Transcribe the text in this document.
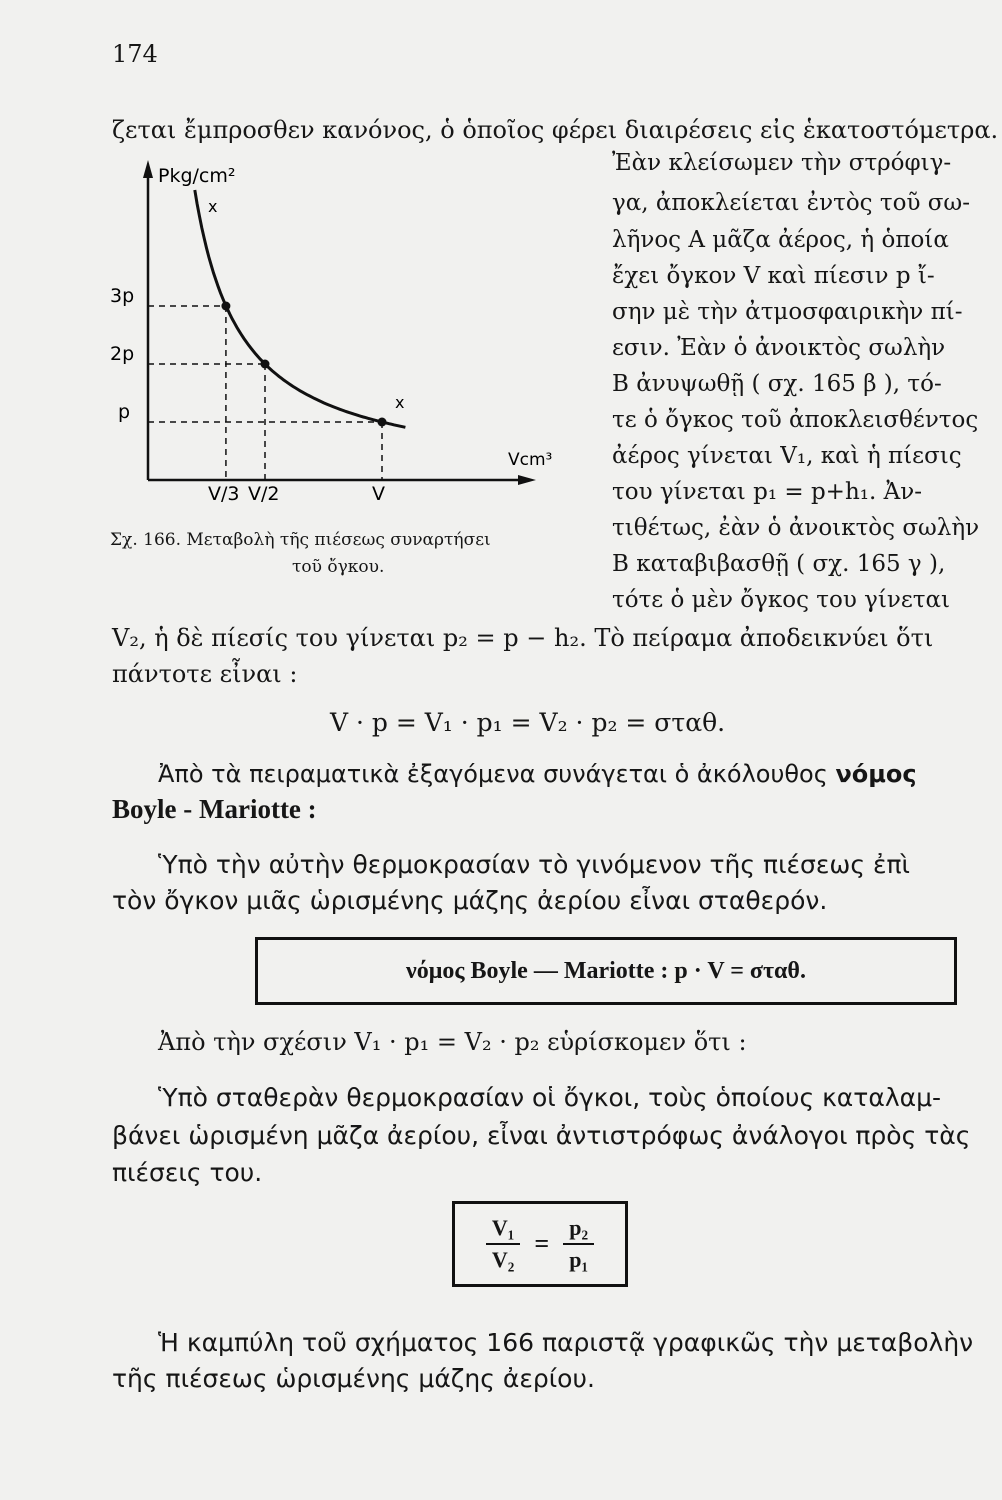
174
ζεται ἔμπροσθεν κανόνος, ὁ ὁποῖος φέρει διαιρέσεις εἰς ἑκατοστόμετρα.
Pkg/cm²
Vcm³
x
x
3p
2p
p
V/3 V/2	V
Σχ. 166. Μεταβολὴ τῆς πιέσεως συναρτήσει
τοῦ ὄγκου.
Ἐὰν κλείσωμεν τὴν στρόφιγ-
γα, ἀποκλείεται ἐντὸς τοῦ σω-
λῆνος Α μᾶζα ἀέρος, ἡ ὁποία
ἔχει ὄγκον V καὶ πίεσιν p ἴ-
σην μὲ τὴν ἀτμοσφαιρικὴν πί-
εσιν. Ἐὰν ὁ ἀνοικτὸς σωλὴν
Β ἀνυψωθῇ ( σχ. 165 β ), τό-
τε ὁ ὄγκος τοῦ ἀποκλεισθέντος
ἀέρος γίνεται V₁, καὶ ἡ πίεσις
του γίνεται p₁ = p+h₁. Ἀν-
τιθέτως, ἐὰν ὁ ἀνοικτὸς σωλὴν
Β καταβιβασθῇ ( σχ. 165 γ ),
τότε ὁ μὲν ὄγκος του γίνεται
V₂, ἡ δὲ πίεσίς του γίνεται p₂ = p − h₂. Τὸ πείραμα ἀποδεικνύει ὅτι
πάντοτε εἶναι :
V · p = V₁ · p₁ = V₂ · p₂ = σταθ.
Ἀπὸ τὰ πειραματικὰ ἐξαγόμενα συνάγεται ὁ ἀκόλουθος νόμος
Boyle - Mariotte :
Ὑπὸ τὴν αὐτὴν θερμοκρασίαν τὸ γινόμενον τῆς πιέσεως ἐπὶ
τὸν ὄγκον μιᾶς ὡρισμένης μάζης ἀερίου εἶναι σταθερόν.
νόμος Boyle — Mariotte : p · V = σταθ.
Ἀπὸ τὴν σχέσιν V₁ · p₁ = V₂ · p₂ εὑρίσκομεν ὅτι :
Ὑπὸ σταθερὰν θερμοκρασίαν οἱ ὄγκοι, τοὺς ὁποίους καταλαμ-
βάνει ὡρισμένη μᾶζα ἀερίου, εἶναι ἀντιστρόφως ἀνάλογοι πρὸς τὰς
πιέσεις του.
$\frac{\text{V₁}}{\text{V₂}} = \frac{\text{p₂}}{\text{p₁}}$
Ἡ καμπύλη τοῦ σχήματος 166 παριστᾷ γραφικῶς τὴν μεταβολὴν
τῆς πιέσεως ὡρισμένης μάζης ἀερίου.
